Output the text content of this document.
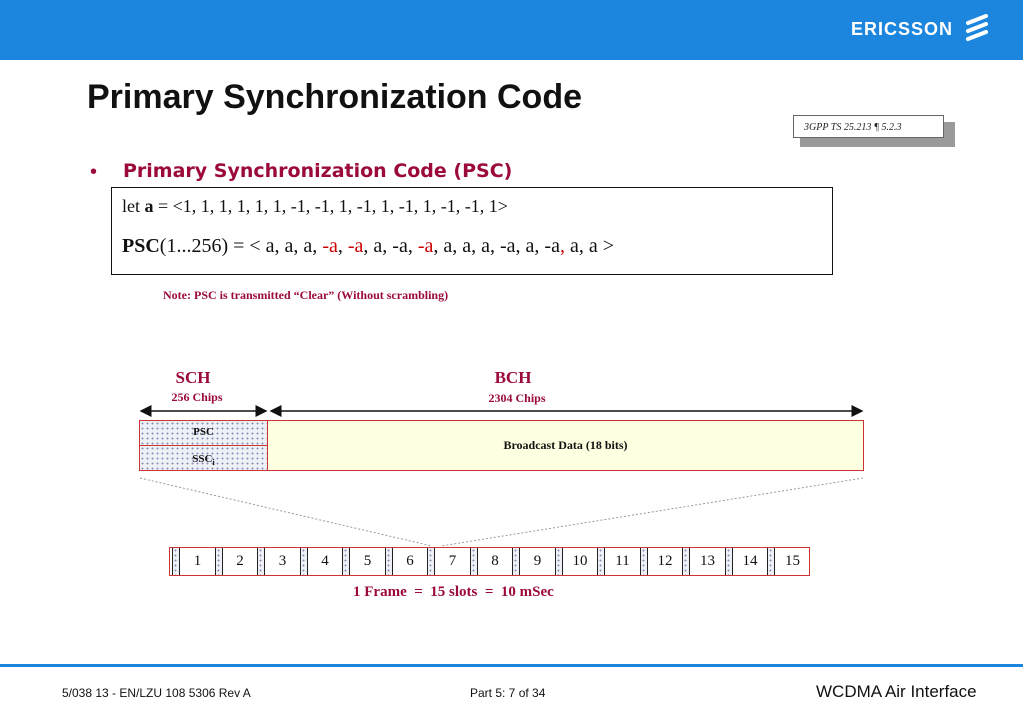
ERICSSON
Primary Synchronization Code
3GPP TS 25.213 ¶ 5.2.3
• Primary Synchronization Code (PSC)
let a = <1, 1, 1, 1, 1, 1, -1, -1, 1, -1, 1, -1, 1, -1, -1, 1>
PSC(1...256) = < a, a, a, -a, -a, a, -a, -a, a, a, a, -a, a, -a, a, a >
Note: PSC is transmitted “Clear” (Without scrambling)
SCH
256 Chips
BCH
2304 Chips
PSC
$SSC_i$
Broadcast Data (18 bits)
1	2	3	4	5	6	7	8	9	10	11	12	13	14	15
1 Frame  =  15 slots  =  10 mSec
5/038 13 - EN/LZU 108 5306 Rev A	Part 5: 7 of 34	WCDMA Air Interface
